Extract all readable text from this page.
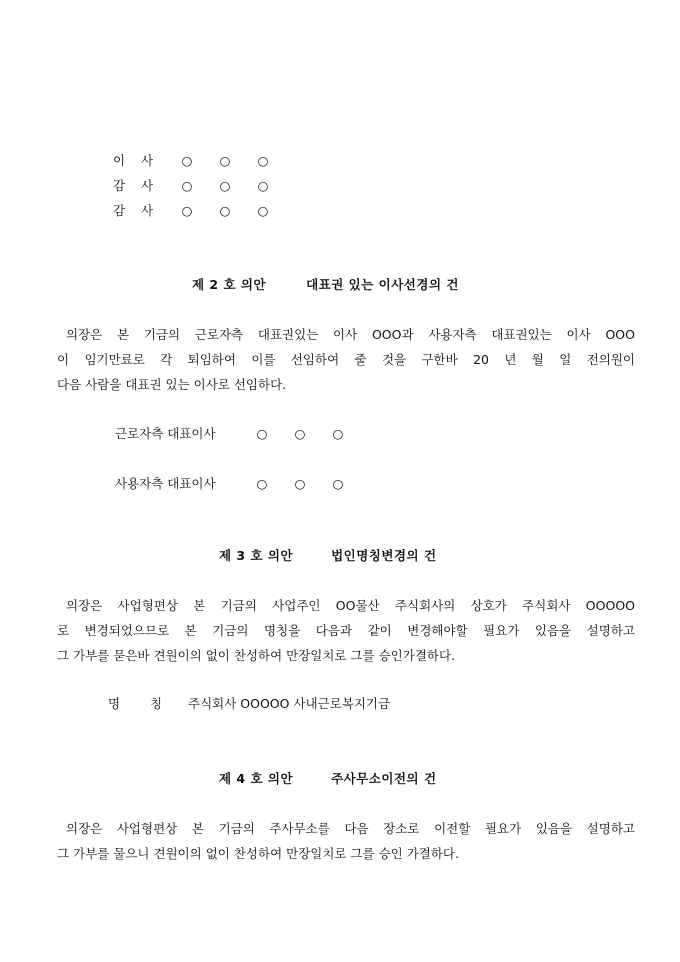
이 사 ○ ○ ○
감 사 ○ ○ ○
감 사 ○ ○ ○
제 2 호 의안	대표권 있는 이사선경의 건
의장은 본 기금의 근로자측 대표권있는 이사 OOO과 사용자측 대표권있는 이사 OOO
이 임기만료로 각 퇴임하여 이를 선임하여 줄 것을 구한바 20 년 월 일 전의원이
다음 사람을 대표권 있는 이사로 선임하다.
근로자측 대표이사	○ ○ ○
사용자측 대표이사	○ ○ ○
제 3 호 의안	법인명칭변경의 건
의장은 사업형편상 본 기금의 사업주인 OO물산 주식회사의 상호가 주식회사 OOOOO
로 변경되었으므로 본 기금의 명칭을 다음과 같이 변경해야할 필요가 있음을 설명하고
그 가부를 묻은바 견원이의 없이 찬성하여 만장일치로 그를 승인가결하다.
명 칭 주식회사 OOOOO 사내근로복지기금
제 4 호 의안	주사무소이전의 건
의장은 사업형편상 본 기금의 주사무소를 다음 장소로 이전할 필요가 있음을 설명하고
그 가부를 물으니 견원이의 없이 찬성하여 만장일치로 그를 승인 가결하다.
